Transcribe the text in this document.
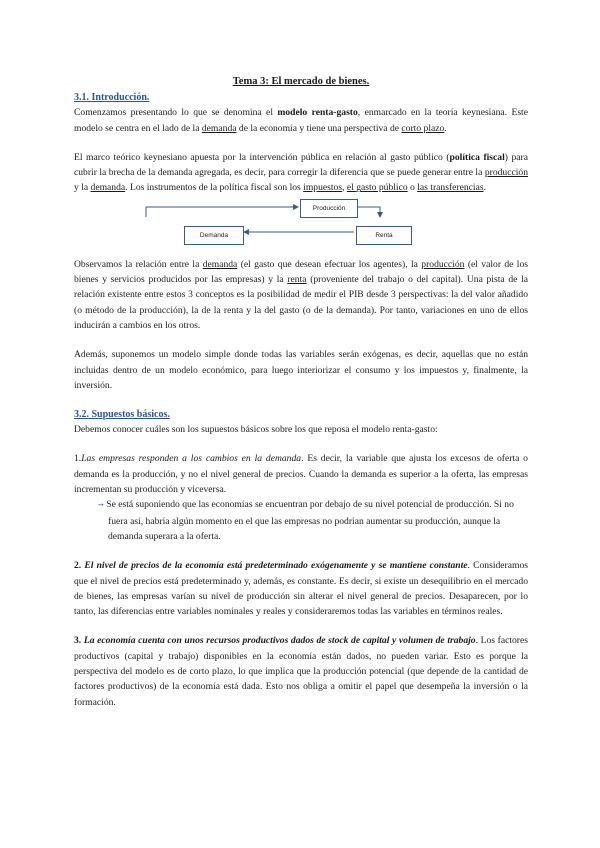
Tema 3: El mercado de bienes.
3.1. Introducción.

Comenzamos presentando lo que se denomina el modelo renta-gasto, enmarcado en la teoría keynesiana. Este modelo se centra en el lado de la demanda de la economía y tiene una perspectiva de corto plazo.

El marco teórico keynesiano apuesta por la intervención pública en relación al gasto público (política fiscal) para cubrir la brecha de la demanda agregada, es decir, para corregir la diferencia que se puede generar entre la producción y la demanda. Los instrumentos de la política fiscal son los impuestos, el gasto público o las transferencias.

Producción
Demanda	Renta

Observamos la relación entre la demanda (el gasto que desean efectuar los agentes), la producción (el valor de los bienes y servicios producidos por las empresas) y la renta (proveniente del trabajo o del capital). Una pista de la relación existente entre estos 3 conceptos es la posibilidad de medir el PIB desde 3 perspectivas: la del valor añadido (o método de la producción), la de la renta y la del gasto (o de la demanda). Por tanto, variaciones en uno de ellos inducirán a cambios en los otros.

Además, suponemos un modelo simple donde todas las variables serán exógenas, es decir, aquellas que no están incluidas dentro de un modelo económico, para luego interiorizar el consumo y los impuestos y, finalmente, la inversión.

3.2. Supuestos básicos.

Debemos conocer cuáles son los supuestos básicos sobre los que reposa el modelo renta-gasto:

1.Las empresas responden a los cambios en la demanda. Es decir, la variable que ajusta los excesos de oferta o demanda es la producción, y no el nivel general de precios. Cuando la demanda es superior a la oferta, las empresas incrementan su producción y viceversa.

➙ Se está suponiendo que las economías se encuentran por debajo de su nivel potencial de producción. Si no fuera así, habría algún momento en el que las empresas no podrían aumentar su producción, aunque la demanda superara a la oferta.

2. El nivel de precios de la economía está predeterminado exógenamente y se mantiene constante. Consideramos que el nivel de precios está predeterminado y, además, es constante. Es decir, si existe un desequilibrio en el mercado de bienes, las empresas varían su nivel de producción sin alterar el nivel general de precios. Desaparecen, por lo tanto, las diferencias entre variables nominales y reales y consideraremos todas las variables en términos reales.

3. La economía cuenta con unos recursos productivos dados de stock de capital y volumen de trabajo. Los factores productivos (capital y trabajo) disponibles en la economía están dados, no pueden variar. Esto es porque la perspectiva del modelo es de corto plazo, lo que implica que la producción potencial (que depende de la cantidad de factores productivos) de la economía está dada. Esto nos obliga a omitir el papel que desempeña la inversión o la formación.
